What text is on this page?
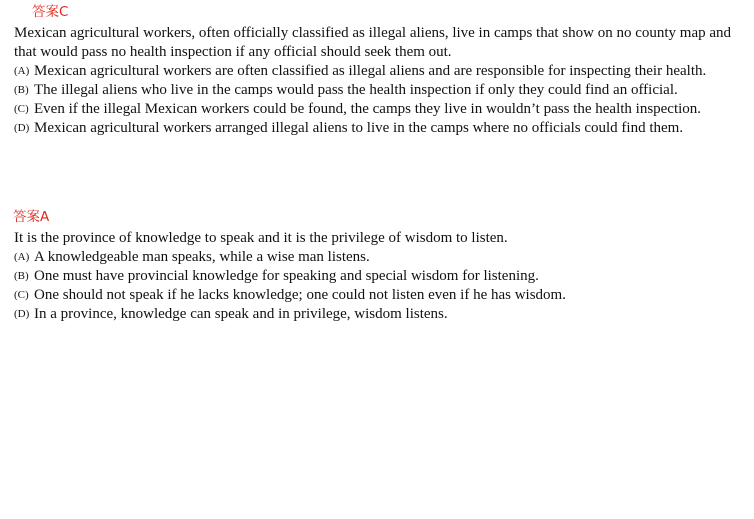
答案C
Mexican agricultural workers, often officially classified as illegal aliens, live in camps that show on no county map and that would pass no health inspection if any official should seek them out.
(A) Mexican agricultural workers are often classified as illegal aliens and are responsible for inspecting their health.
(B) The illegal aliens who live in the camps would pass the health inspection if only they could find an official.
(C) Even if the illegal Mexican workers could be found, the camps they live in wouldn’t pass the health inspection.
(D) Mexican agricultural workers arranged illegal aliens to live in the camps where no officials could find them.
答案A
It is the province of knowledge to speak and it is the privilege of wisdom to listen.
(A) A knowledgeable man speaks, while a wise man listens.
(B) One must have provincial knowledge for speaking and special wisdom for listening.
(C) One should not speak if he lacks knowledge; one could not listen even if he has wisdom.
(D) In a province, knowledge can speak and in privilege, wisdom listens.
